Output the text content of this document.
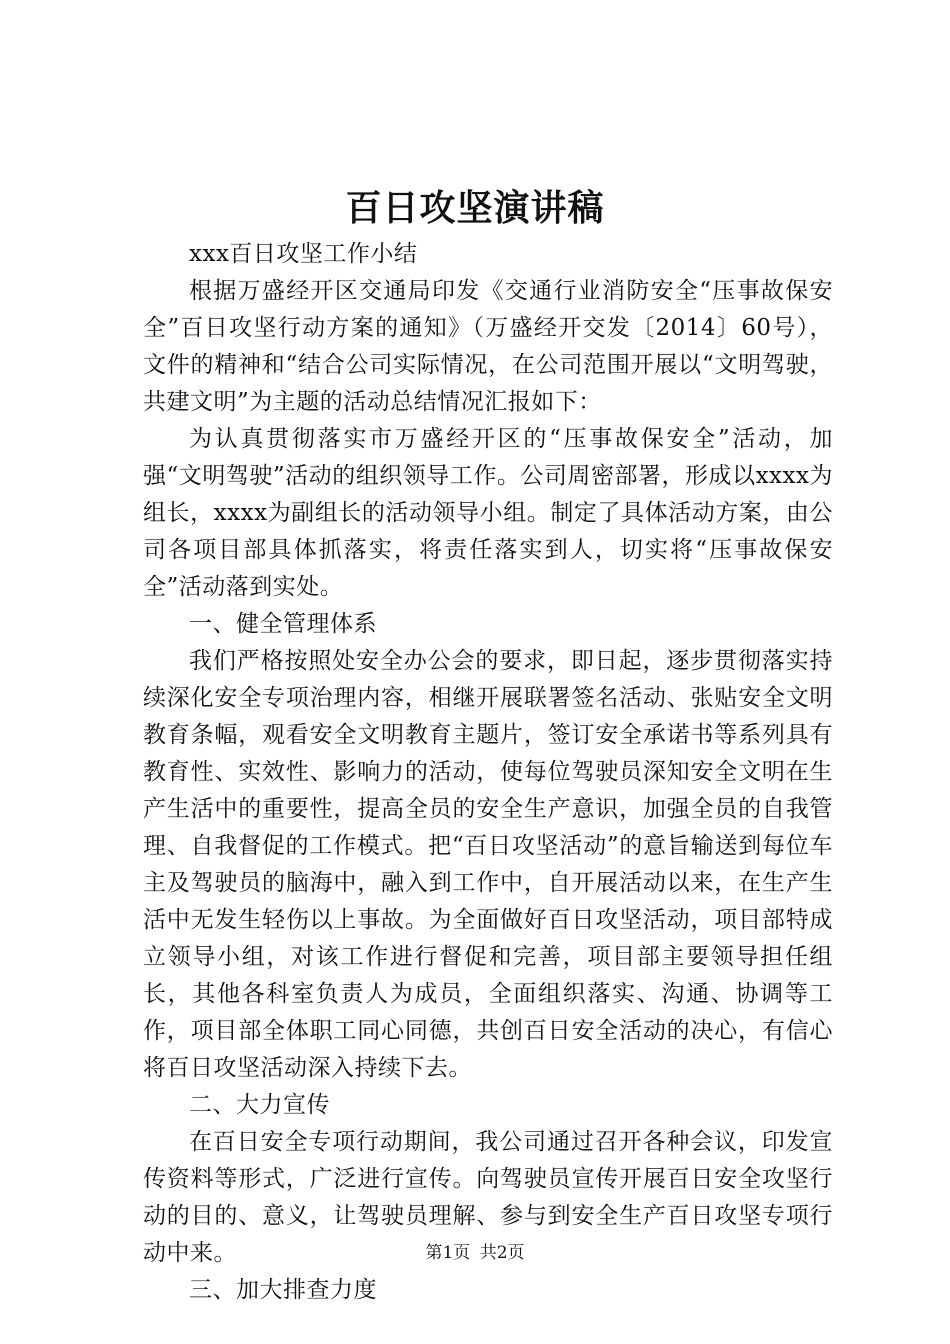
百日攻坚演讲稿

xxx百日攻坚工作小结

根据万盛经开区交通局印发《交通行业消防安全“压事故保安全”百日攻坚行动方案的通知》（万盛经开交发〔2014〕60号），文件的精神和“结合公司实际情况，在公司范围开展以“文明驾驶，共建文明”为主题的活动总结情况汇报如下：

为认真贯彻落实市万盛经开区的“压事故保安全”活动，加强“文明驾驶”活动的组织领导工作。公司周密部署，形成以xxxx为组长，xxxx为副组长的活动领导小组。制定了具体活动方案，由公司各项目部具体抓落实，将责任落实到人，切实将“压事故保安全”活动落到实处。

一、健全管理体系

我们严格按照处安全办公会的要求，即日起，逐步贯彻落实持续深化安全专项治理内容，相继开展联署签名活动、张贴安全文明教育条幅，观看安全文明教育主题片，签订安全承诺书等系列具有教育性、实效性、影响力的活动，使每位驾驶员深知安全文明在生产生活中的重要性，提高全员的安全生产意识，加强全员的自我管理、自我督促的工作模式。把“百日攻坚活动”的意旨输送到每位车主及驾驶员的脑海中，融入到工作中，自开展活动以来，在生产生活中无发生轻伤以上事故。为全面做好百日攻坚活动，项目部特成立领导小组，对该工作进行督促和完善，项目部主要领导担任组长，其他各科室负责人为成员，全面组织落实、沟通、协调等工作，项目部全体职工同心同德，共创百日安全活动的决心，有信心将百日攻坚活动深入持续下去。

二、大力宣传

在百日安全专项行动期间，我公司通过召开各种会议，印发宣传资料等形式，广泛进行宣传。向驾驶员宣传开展百日安全攻坚行动的目的、意义，让驾驶员理解、参与到安全生产百日攻坚专项行动中来。

三、加大排查力度

第1页 共2页
